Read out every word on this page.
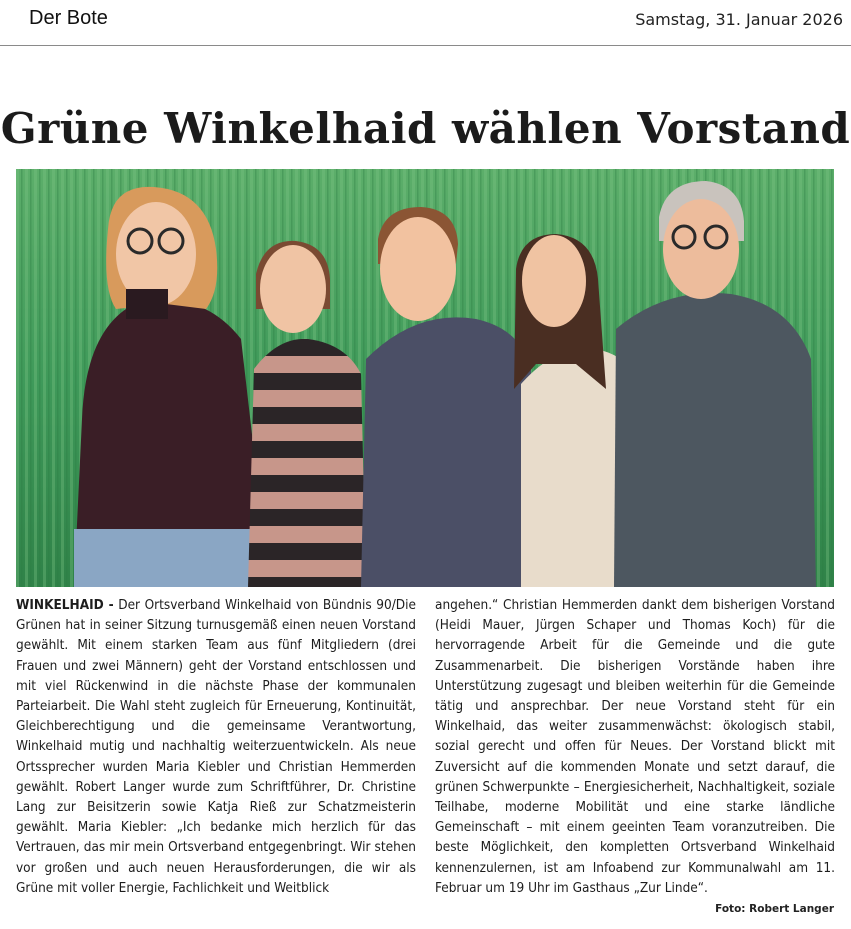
Der Bote	Samstag, 31. Januar 2026
Grüne Winkelhaid wählen Vorstand

WINKELHAID - Der Ortsverband Winkelhaid von Bündnis 90/Die Grünen hat in seiner Sitzung turnusgemäß einen neuen Vorstand gewählt. Mit einem starken Team aus fünf Mitgliedern (drei Frauen und zwei Männern) geht der Vorstand entschlossen und mit viel Rückenwind in die nächste Phase der kommunalen Parteiarbeit. Die Wahl steht zugleich für Erneuerung, Kontinuität, Gleichberechtigung und die gemeinsame Verantwortung, Winkelhaid mutig und nachhaltig weiterzuentwickeln. Als neue Ortssprecher wurden Maria Kiebler und Christian Hemmerden gewählt. Robert Langer wurde zum Schriftführer, Dr. Christine Lang zur Beisitzerin sowie Katja Rieß zur Schatzmeisterin gewählt. Maria Kiebler: „Ich bedanke mich herzlich für das Vertrauen, das mir mein Ortsverband entgegenbringt. Wir stehen vor großen und auch neuen Herausforderungen, die wir als Grüne mit voller Energie, Fachlichkeit und Weitblick

angehen.“ Christian Hemmerden dankt dem bisherigen Vorstand (Heidi Mauer, Jürgen Schaper und Thomas Koch) für die hervorragende Arbeit für die Gemeinde und die gute Zusammenarbeit. Die bisherigen Vorstände haben ihre Unterstützung zugesagt und bleiben weiterhin für die Gemeinde tätig und ansprechbar. Der neue Vorstand steht für ein Winkelhaid, das weiter zusammenwächst: ökologisch stabil, sozial gerecht und offen für Neues. Der Vorstand blickt mit Zuversicht auf die kommenden Monate und setzt darauf, die grünen Schwerpunkte – Energiesicherheit, Nachhaltigkeit, soziale Teilhabe, moderne Mobilität und eine starke ländliche Gemeinschaft – mit einem geeinten Team voranzutreiben. Die beste Möglichkeit, den kompletten Ortsverband Winkelhaid kennenzulernen, ist am Infoabend zur Kommunalwahl am 11. Februar um 19 Uhr im Gasthaus „Zur Linde“.

Foto: Robert Langer
